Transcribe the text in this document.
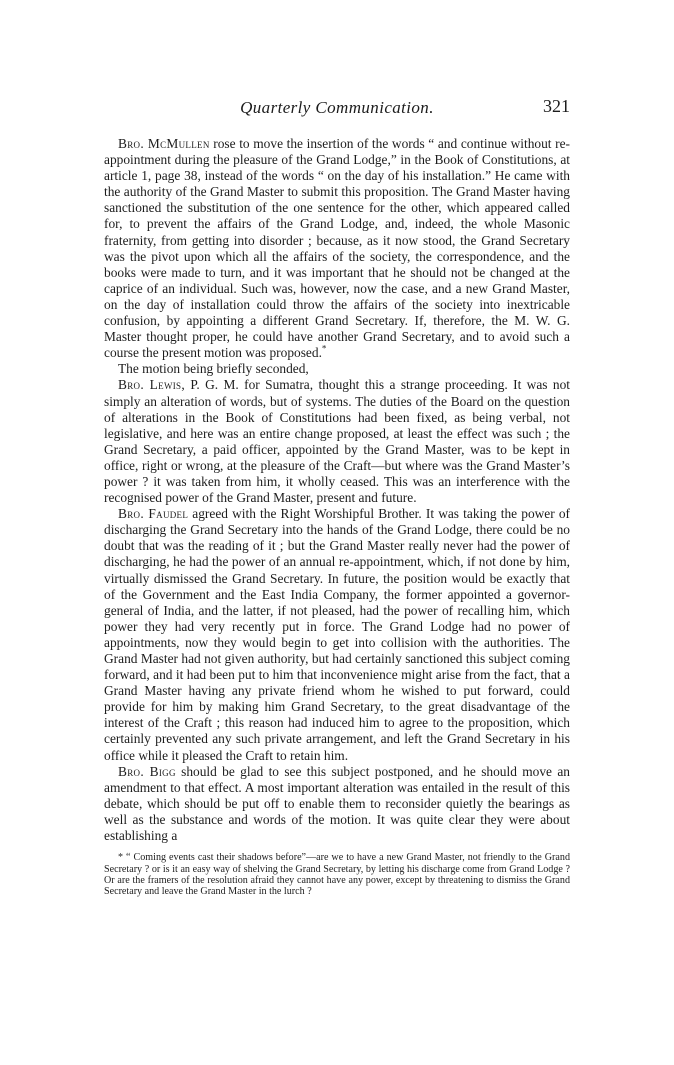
Quarterly Communication.	321

Bro. McMullen rose to move the insertion of the words “ and continue without re-appointment during the pleasure of the Grand Lodge,” in the Book of Constitutions, at article 1, page 38, instead of the words “ on the day of his installation.” He came with the authority of the Grand Master to submit this proposition. The Grand Master having sanctioned the substitution of the one sentence for the other, which appeared called for, to prevent the affairs of the Grand Lodge, and, indeed, the whole Masonic fraternity, from getting into disorder ; because, as it now stood, the Grand Secretary was the pivot upon which all the affairs of the society, the correspondence, and the books were made to turn, and it was important that he should not be changed at the caprice of an individual. Such was, however, now the case, and a new Grand Master, on the day of installation could throw the affairs of the society into inextricable confusion, by appointing a different Grand Secretary. If, therefore, the M. W. G. Master thought proper, he could have another Grand Secretary, and to avoid such a course the present motion was proposed.*

The motion being briefly seconded,

Bro. Lewis, P. G. M. for Sumatra, thought this a strange proceeding. It was not simply an alteration of words, but of systems. The duties of the Board on the question of alterations in the Book of Constitutions had been fixed, as being verbal, not legislative, and here was an entire change proposed, at least the effect was such ; the Grand Secretary, a paid officer, appointed by the Grand Master, was to be kept in office, right or wrong, at the pleasure of the Craft—but where was the Grand Master’s power ? it was taken from him, it wholly ceased. This was an interference with the recognised power of the Grand Master, present and future.

Bro. Faudel agreed with the Right Worshipful Brother. It was taking the power of discharging the Grand Secretary into the hands of the Grand Lodge, there could be no doubt that was the reading of it ; but the Grand Master really never had the power of discharging, he had the power of an annual re-appointment, which, if not done by him, virtually dismissed the Grand Secretary. In future, the position would be exactly that of the Government and the East India Company, the former appointed a governor-general of India, and the latter, if not pleased, had the power of recalling him, which power they had very recently put in force. The Grand Lodge had no power of appointments, now they would begin to get into collision with the authorities. The Grand Master had not given authority, but had certainly sanctioned this subject coming forward, and it had been put to him that inconvenience might arise from the fact, that a Grand Master having any private friend whom he wished to put forward, could provide for him by making him Grand Secretary, to the great disadvantage of the interest of the Craft ; this reason had induced him to agree to the proposition, which certainly prevented any such private arrangement, and left the Grand Secretary in his office while it pleased the Craft to retain him.

Bro. Bigg should be glad to see this subject postponed, and he should move an amendment to that effect. A most important alteration was entailed in the result of this debate, which should be put off to enable them to reconsider quietly the bearings as well as the substance and words of the motion. It was quite clear they were about establishing a

* “ Coming events cast their shadows before”—are we to have a new Grand Master, not friendly to the Grand Secretary ? or is it an easy way of shelving the Grand Secretary, by letting his discharge come from Grand Lodge ? Or are the framers of the resolution afraid they cannot have any power, except by threatening to dismiss the Grand Secretary and leave the Grand Master in the lurch ?
